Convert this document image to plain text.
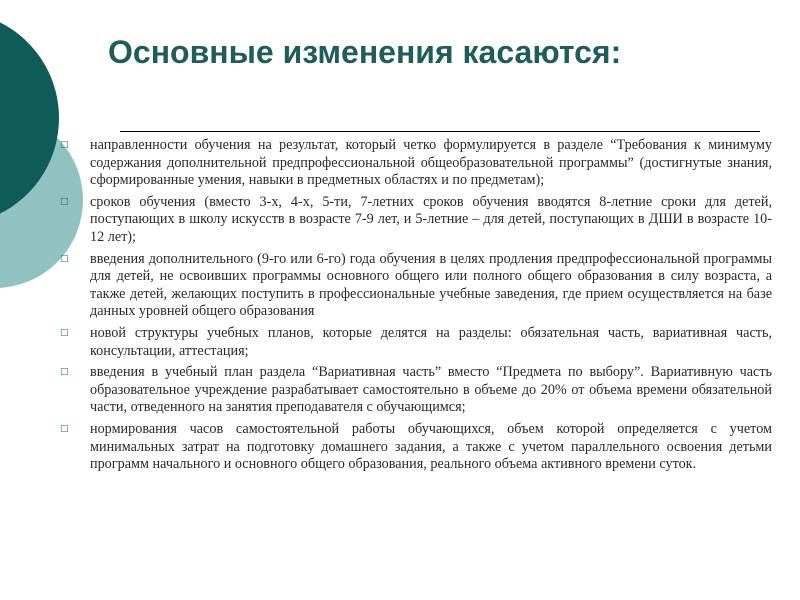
Основные изменения касаются:
□ направленности обучения на результат, который четко формулируется в разделе “Требования к минимуму содержания дополнительной предпрофессиональной общеобразовательной программы” (достигнутые знания, сформированные умения, навыки в предметных областях и по предметам);
□ сроков обучения (вместо 3-х, 4-х, 5-ти, 7-летних сроков обучения вводятся 8-летние сроки для детей, поступающих в школу искусств в возрасте 7-9 лет, и 5-летние – для детей, поступающих в ДШИ в возрасте 10-12 лет);
□ введения дополнительного (9-го или 6-го) года обучения в целях продления предпрофессиональной программы для детей, не освоивших программы основного общего или полного общего образования в силу возраста, а также детей, желающих поступить в профессиональные учебные заведения, где прием осуществляется на базе данных уровней общего образования
□ новой структуры учебных планов, которые делятся на разделы: обязательная часть, вариативная часть, консультации, аттестация;
□ введения в учебный план раздела “Вариативная часть” вместо “Предмета по выбору”. Вариативную часть образовательное учреждение разрабатывает самостоятельно в объеме до 20% от объема времени обязательной части, отведенного на занятия преподавателя с обучающимся;
□ нормирования часов самостоятельной работы обучающихся, объем которой определяется с учетом минимальных затрат на подготовку домашнего задания, а также с учетом параллельного освоения детьми программ начального и основного общего образования, реального объема активного времени суток.
